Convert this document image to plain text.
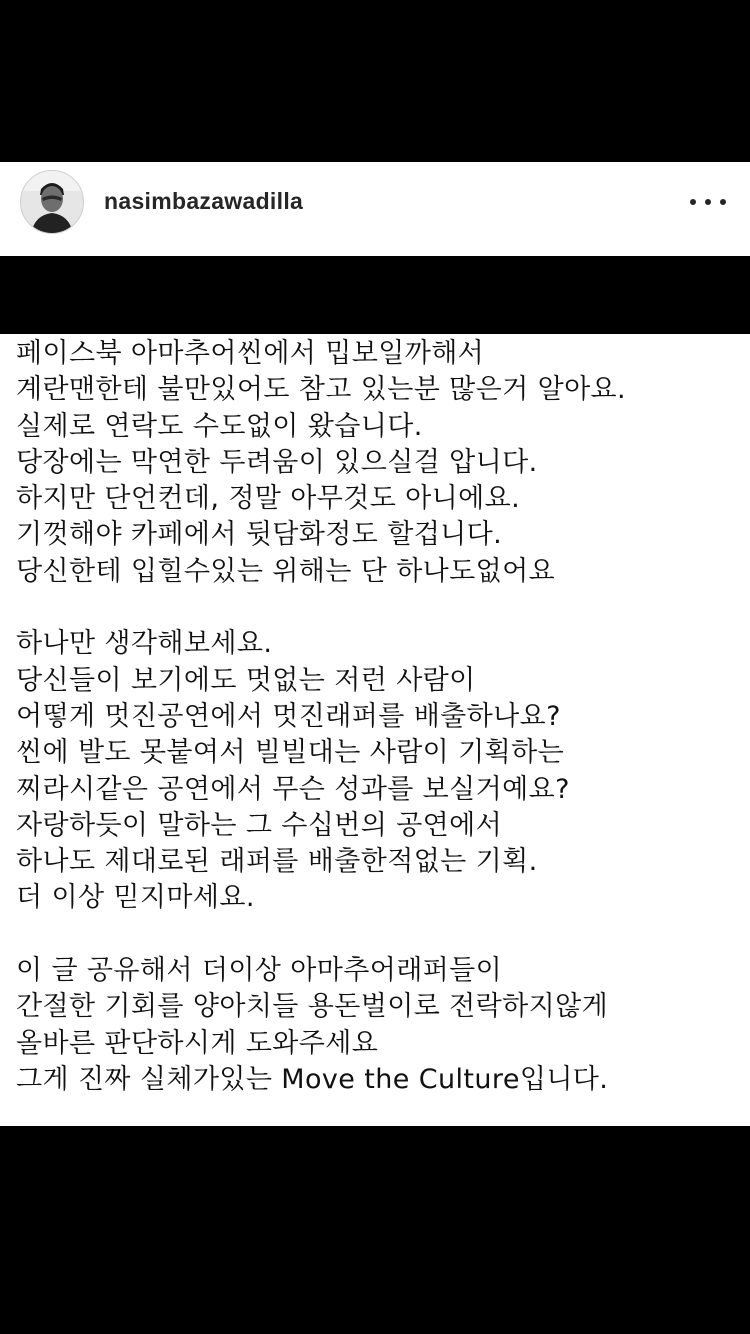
nasimbazawadilla
페이스북 아마추어씬에서 밉보일까해서
계란맨한테 불만있어도 참고 있는분 많은거 알아요.
실제로 연락도 수도없이 왔습니다.
당장에는 막연한 두려움이 있으실걸 압니다.
하지만 단언컨데, 정말 아무것도 아니에요.
기껏해야 카페에서 뒷담화정도 할겁니다.
당신한테 입힐수있는 위해는 단 하나도없어요
하나만 생각해보세요.
당신들이 보기에도 멋없는 저런 사람이
어떻게 멋진공연에서 멋진래퍼를 배출하나요?
씬에 발도 못붙여서 빌빌대는 사람이 기획하는
찌라시같은 공연에서 무슨 성과를 보실거예요?
자랑하듯이 말하는 그 수십번의 공연에서
하나도 제대로된 래퍼를 배출한적없는 기획.
더 이상 믿지마세요.
이 글 공유해서 더이상 아마추어래퍼들이
간절한 기회를 양아치들 용돈벌이로 전락하지않게
올바른 판단하시게 도와주세요
그게 진짜 실체가있는 Move the Culture입니다.
